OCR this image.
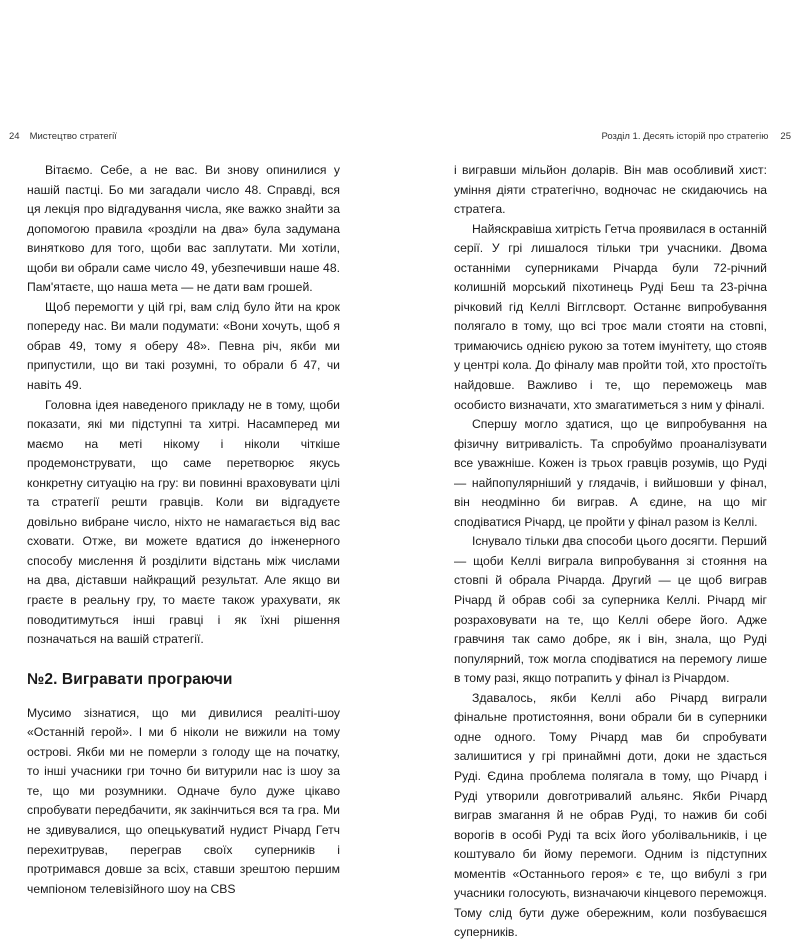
24 Мистецтво стратегії	Розділ 1. Десять історій про стратегію 25

Вітаємо. Себе, а не вас. Ви знову опинилися у нашій пастці. Бо ми загадали число 48. Справді, вся ця лекція про відгадування числа, яке важко знайти за допомогою правила «розділи на два» була задумана винятково для того, щоби вас заплутати. Ми хотіли, щоби ви обрали саме число 49, убезпечивши наше 48. Пам'ятаєте, що наша мета — не дати вам грошей.

Щоб перемогти у цій грі, вам слід було йти на крок попереду нас. Ви мали подумати: «Вони хочуть, щоб я обрав 49, тому я оберу 48». Певна річ, якби ми припустили, що ви такі розумні, то обрали б 47, чи навіть 49.

Головна ідея наведеного прикладу не в тому, щоби показати, які ми підступні та хитрі. Насамперед ми маємо на меті нікому і ніколи чіткіше продемонструвати, що саме перетворює якусь конкретну ситуацію на гру: ви повинні враховувати цілі та стратегії решти гравців. Коли ви відгадуєте довільно вибране число, ніхто не намагається від вас сховати. Отже, ви можете вдатися до інженерного способу мислення й розділити відстань між числами на два, діставши найкращий результат. Але якщо ви граєте в реальну гру, то маєте також урахувати, як поводитимуться інші гравці і як їхні рішення позначаться на вашій стратегії.

№2. Вигравати програючи

Мусимо зізнатися, що ми дивилися реаліті-шоу «Останній герой». І ми б ніколи не вижили на тому острові. Якби ми не померли з голоду ще на початку, то інші учасники гри точно би витурили нас із шоу за те, що ми розумники. Одначе було дуже цікаво спробувати передбачити, як закінчиться вся та гра. Ми не здивувалися, що опецькуватий нудист Річард Гетч перехитрував, переграв своїх суперників і протримався довше за всіх, ставши зрештою першим чемпіоном телевізійного шоу на CBS

і вигравши мільйон доларів. Він мав особливий хист: уміння діяти стратегічно, водночас не скидаючись на стратега.

Найяскравіша хитрість Гетча проявилася в останній серії. У грі лишалося тільки три учасники. Двома останніми суперниками Річарда були 72-річний колишній морський піхотинець Руді Беш та 23-річна річковий гід Келлі Вігглсворт. Останнє випробування полягало в тому, що всі троє мали стояти на стовпі, тримаючись однією рукою за тотем імунітету, що стояв у центрі кола. До фіналу мав пройти той, хто простоїть найдовше. Важливо і те, що переможець мав особисто визначати, хто змагатиметься з ним у фіналі.

Спершу могло здатися, що це випробування на фізичну витривалість. Та спробуймо проаналізувати все уважніше. Кожен із трьох гравців розумів, що Руді — найпопулярніший у глядачів, і вийшовши у фінал, він неодмінно би виграв. А єдине, на що міг сподіватися Річард, це пройти у фінал разом із Келлі.

Існувало тільки два способи цього досягти. Перший — щоби Келлі виграла випробування зі стояння на стовпі й обрала Річарда. Другий — це щоб виграв Річард й обрав собі за суперника Келлі. Річард міг розраховувати на те, що Келлі обере його. Адже гравчиня так само добре, як і він, знала, що Руді популярний, тож могла сподіватися на перемогу лише в тому разі, якщо потрапить у фінал із Річардом.

Здавалось, якби Келлі або Річард виграли фінальне протистояння, вони обрали би в суперники одне одного. Тому Річард мав би спробувати залишитися у грі принаймні доти, доки не здасться Руді. Єдина проблема полягала в тому, що Річард і Руді утворили довготривалий альянс. Якби Річард виграв змагання й не обрав Руді, то нажив би собі ворогів в особі Руді та всіх його уболівальників, і це коштувало би йому перемоги. Одним із підступних моментів «Останнього героя» є те, що вибулі з гри учасники голосують, визначаючи кінцевого переможця. Тому слід бути дуже обережним, коли позбуваєшся суперників.
